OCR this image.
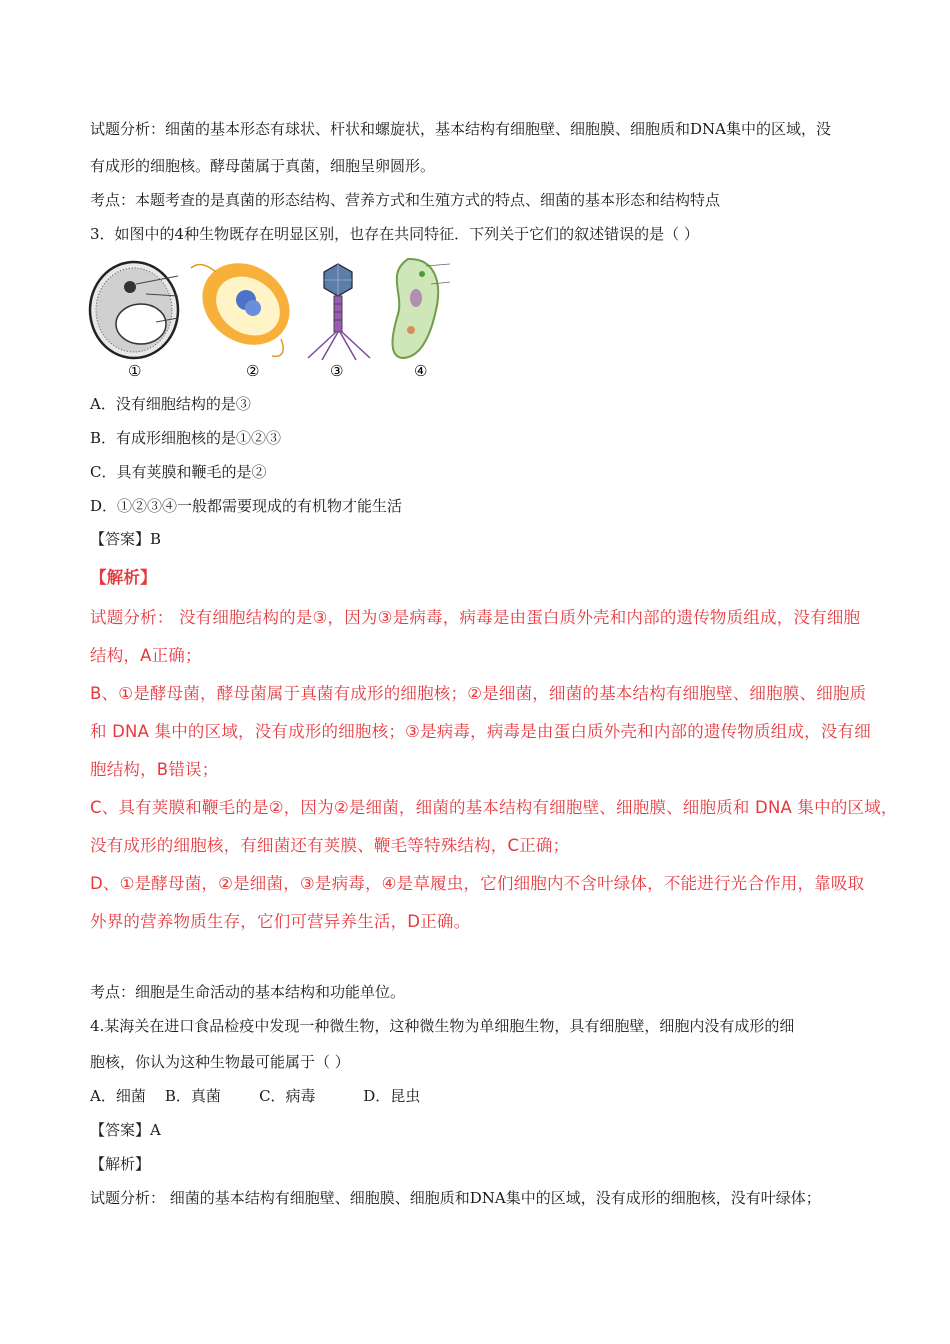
试题分析：细菌的基本形态有球状、杆状和螺旋状，基本结构有细胞壁、细胞膜、细胞质和DNA集中的区域，没
有成形的细胞核。酵母菌属于真菌，细胞呈卵圆形。
考点：本题考查的是真菌的形态结构、营养方式和生殖方式的特点、细菌的基本形态和结构特点
3．如图中的4种生物既存在明显区别，也存在共同特征．下列关于它们的叙述错误的是（ ）
①	②	③	④
A．没有细胞结构的是③
B．有成形细胞核的是①②③
C．具有荚膜和鞭毛的是②
D．①②③④一般都需要现成的有机物才能生活
【答案】B
【解析】
试题分析： 没有细胞结构的是③，因为③是病毒，病毒是由蛋白质外壳和内部的遗传物质组成，没有细胞
结构，A正确；
B、①是酵母菌，酵母菌属于真菌有成形的细胞核；②是细菌，细菌的基本结构有细胞壁、细胞膜、细胞质
和 DNA 集中的区域，没有成形的细胞核；③是病毒，病毒是由蛋白质外壳和内部的遗传物质组成，没有细
胞结构，B错误；
C、具有荚膜和鞭毛的是②，因为②是细菌，细菌的基本结构有细胞壁、细胞膜、细胞质和 DNA 集中的区域，
没有成形的细胞核，有细菌还有荚膜、鞭毛等特殊结构，C正确；
D、①是酵母菌，②是细菌，③是病毒，④是草履虫，它们细胞内不含叶绿体，不能进行光合作用，靠吸取
外界的营养物质生存，它们可营异养生活，D正确。
考点：细胞是生命活动的基本结构和功能单位。
4.某海关在进口食品检疫中发现一种微生物，这种微生物为单细胞生物，具有细胞壁，细胞内没有成形的细
胞核，你认为这种生物最可能属于（ ）
A．细菌    B．真菌        C．病毒          D．昆虫
【答案】A
【解析】
试题分析： 细菌的基本结构有细胞壁、细胞膜、细胞质和DNA集中的区域，没有成形的细胞核，没有叶绿体；
